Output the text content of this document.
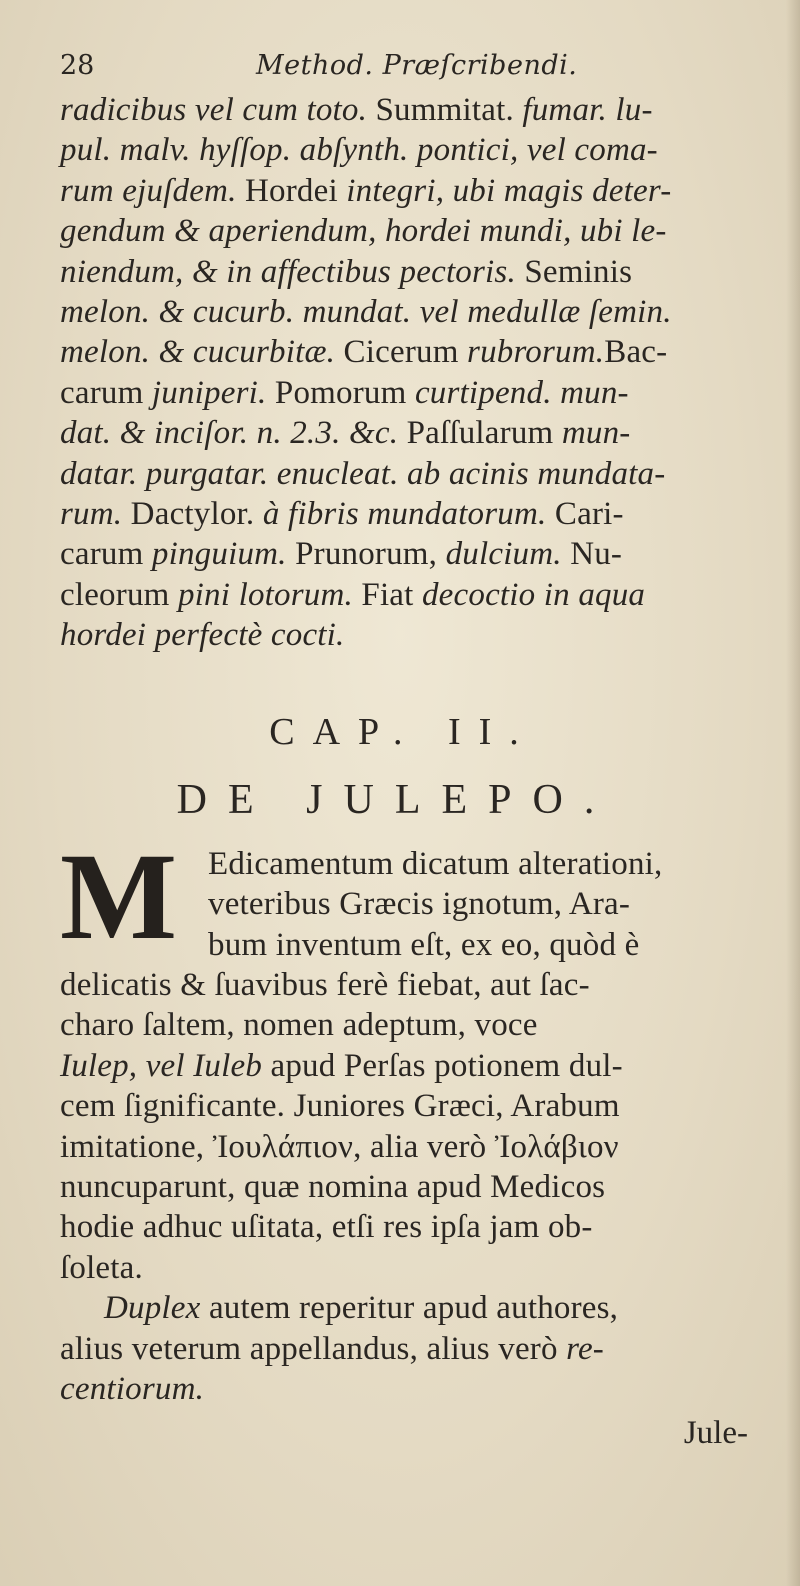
28	Method. Præſcribendi.
radicibus vel cum toto. Summitat. fumar. lu-
pul. malv. hyſſop. abſynth. pontici, vel coma-
rum ejuſdem. Hordei integri, ubi magis deter-
gendum & aperiendum, hordei mundi, ubi le-
niendum, & in affectibus pectoris. Seminis
melon. & cucurb. mundat. vel medullæ ſemin.
melon. & cucurbitæ. Cicerum rubrorum.Bac-
carum juniperi. Pomorum curtipend. mun-
dat. & inciſor. n. 2.3. &c. Paſſularum mun-
datar. purgatar. enucleat. ab acinis mundata-
rum. Dactylor. à fibris mundatorum. Cari-
carum pinguium. Prunorum, dulcium. Nu-
cleorum pini lotorum. Fiat decoctio in aqua
hordei perfectè cocti.
CAP. II.
DE JULEPO.
M Edicamentum dicatum alterationi,
veteribus Græcis ignotum, Ara-
bum inventum eſt, ex eo, quòd è
delicatis & ſuavibus ferè fiebat, aut ſac-
charo ſaltem, nomen adeptum, voce
Iulep, vel Iuleb apud Perſas potionem dul-
cem ſignificante. Juniores Græci, Arabum
imitatione, Ἰουλάπιον, alia verò Ἰολάβιον
nuncuparunt, quæ nomina apud Medicos
hodie adhuc uſitata, etſi res ipſa jam ob-
ſoleta.
Duplex autem reperitur apud authores,
alius veterum appellandus, alius verò re-
centiorum.
Jule-
